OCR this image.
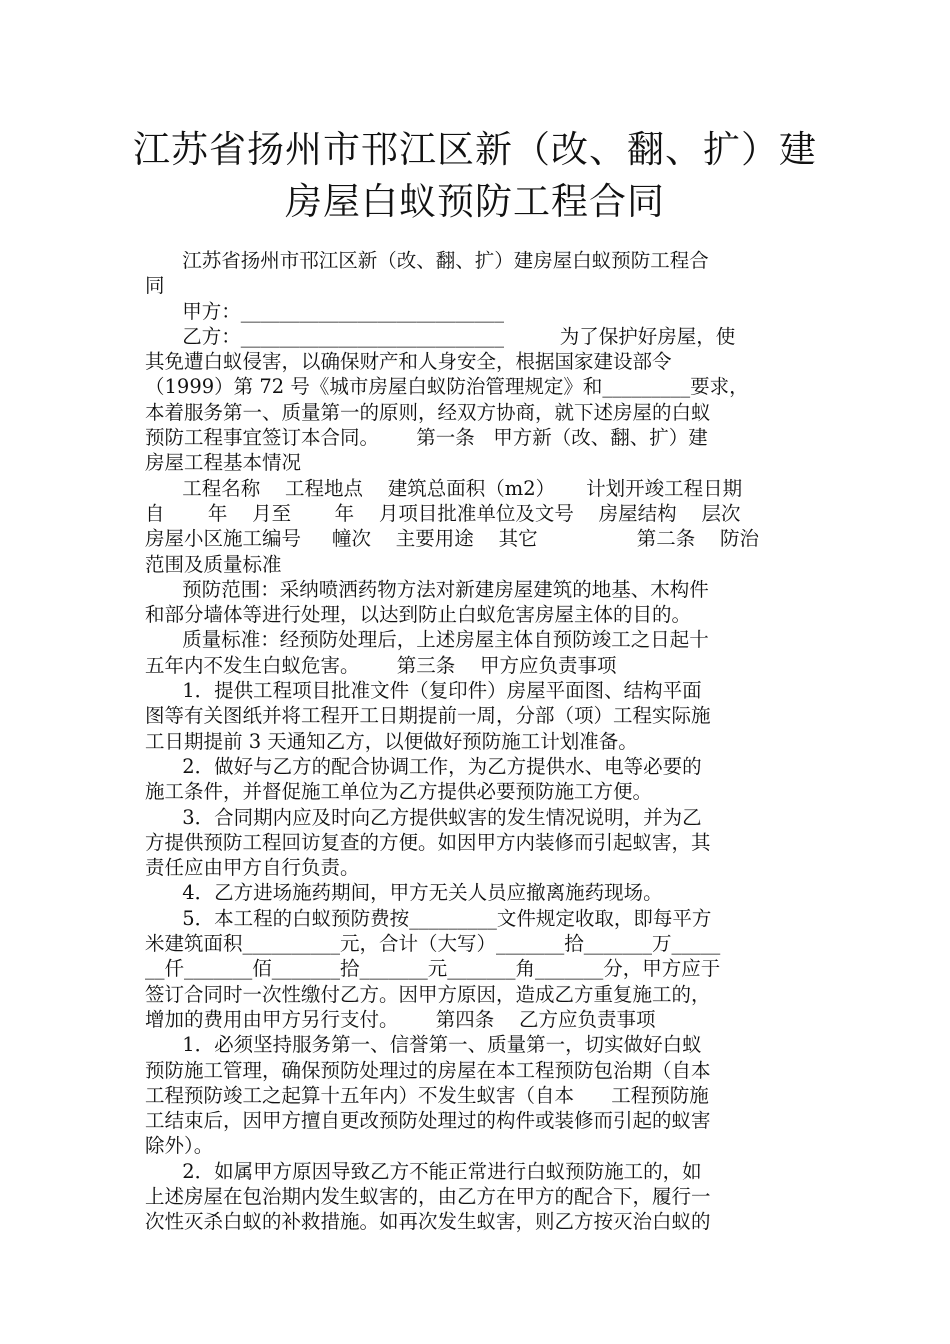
江苏省扬州市邗江区新（改、翻、扩）建
房屋白蚁预防工程合同
江苏省扬州市邗江区新（改、翻、扩）建房屋白蚁预防工程合
同
甲方：___________________________
乙方：___________________________         为了保护好房屋，使
其免遭白蚁侵害，以确保财产和人身安全，根据国家建设部令
（1999）第 72 号《城市房屋白蚁防治管理规定》和_________要求，
本着服务第一、质量第一的原则，经双方协商，就下述房屋的白蚁
预防工程事宜签订本合同。      第一条   甲方新（改、翻、扩）建
房屋工程基本情况
工程名称    工程地点    建筑总面积（m2）     计划开竣工程日期
自       年    月至       年    月项目批准单位及文号    房屋结构    层次
房屋小区施工编号     幢次    主要用途    其它                第二条    防治
范围及质量标准
预防范围：采纳喷洒药物方法对新建房屋建筑的地基、木构件
和部分墙体等进行处理，以达到防止白蚁危害房屋主体的目的。
质量标准：经预防处理后，上述房屋主体自预防竣工之日起十
五年内不发生白蚁危害。      第三条    甲方应负责事项
1．提供工程项目批准文件（复印件）房屋平面图、结构平面
图等有关图纸并将工程开工日期提前一周，分部（项）工程实际施
工日期提前 3 天通知乙方，以便做好预防施工计划准备。
2．做好与乙方的配合协调工作，为乙方提供水、电等必要的
施工条件，并督促施工单位为乙方提供必要预防施工方便。
3．合同期内应及时向乙方提供蚁害的发生情况说明，并为乙
方提供预防工程回访复查的方便。如因甲方内装修而引起蚁害，其
责任应由甲方自行负责。
4．乙方进场施药期间，甲方无关人员应撤离施药现场。
5．本工程的白蚁预防费按_________文件规定收取，即每平方
米建筑面积__________元，合计（大写）_______拾_______万_____
__仟_______佰_______拾_______元_______角_______分，甲方应于
签订合同时一次性缴付乙方。因甲方原因，造成乙方重复施工的，
增加的费用由甲方另行支付。      第四条    乙方应负责事项
1．必须坚持服务第一、信誉第一、质量第一，切实做好白蚁
预防施工管理，确保预防处理过的房屋在本工程预防包治期（自本
工程预防竣工之起算十五年内）不发生蚁害（自本      工程预防施
工结束后，因甲方擅自更改预防处理过的构件或装修而引起的蚁害
除外）。
2．如属甲方原因导致乙方不能正常进行白蚁预防施工的，如
上述房屋在包治期内发生蚁害的，由乙方在甲方的配合下，履行一
次性灭杀白蚁的补救措施。如再次发生蚁害，则乙方按灭治白蚁的
